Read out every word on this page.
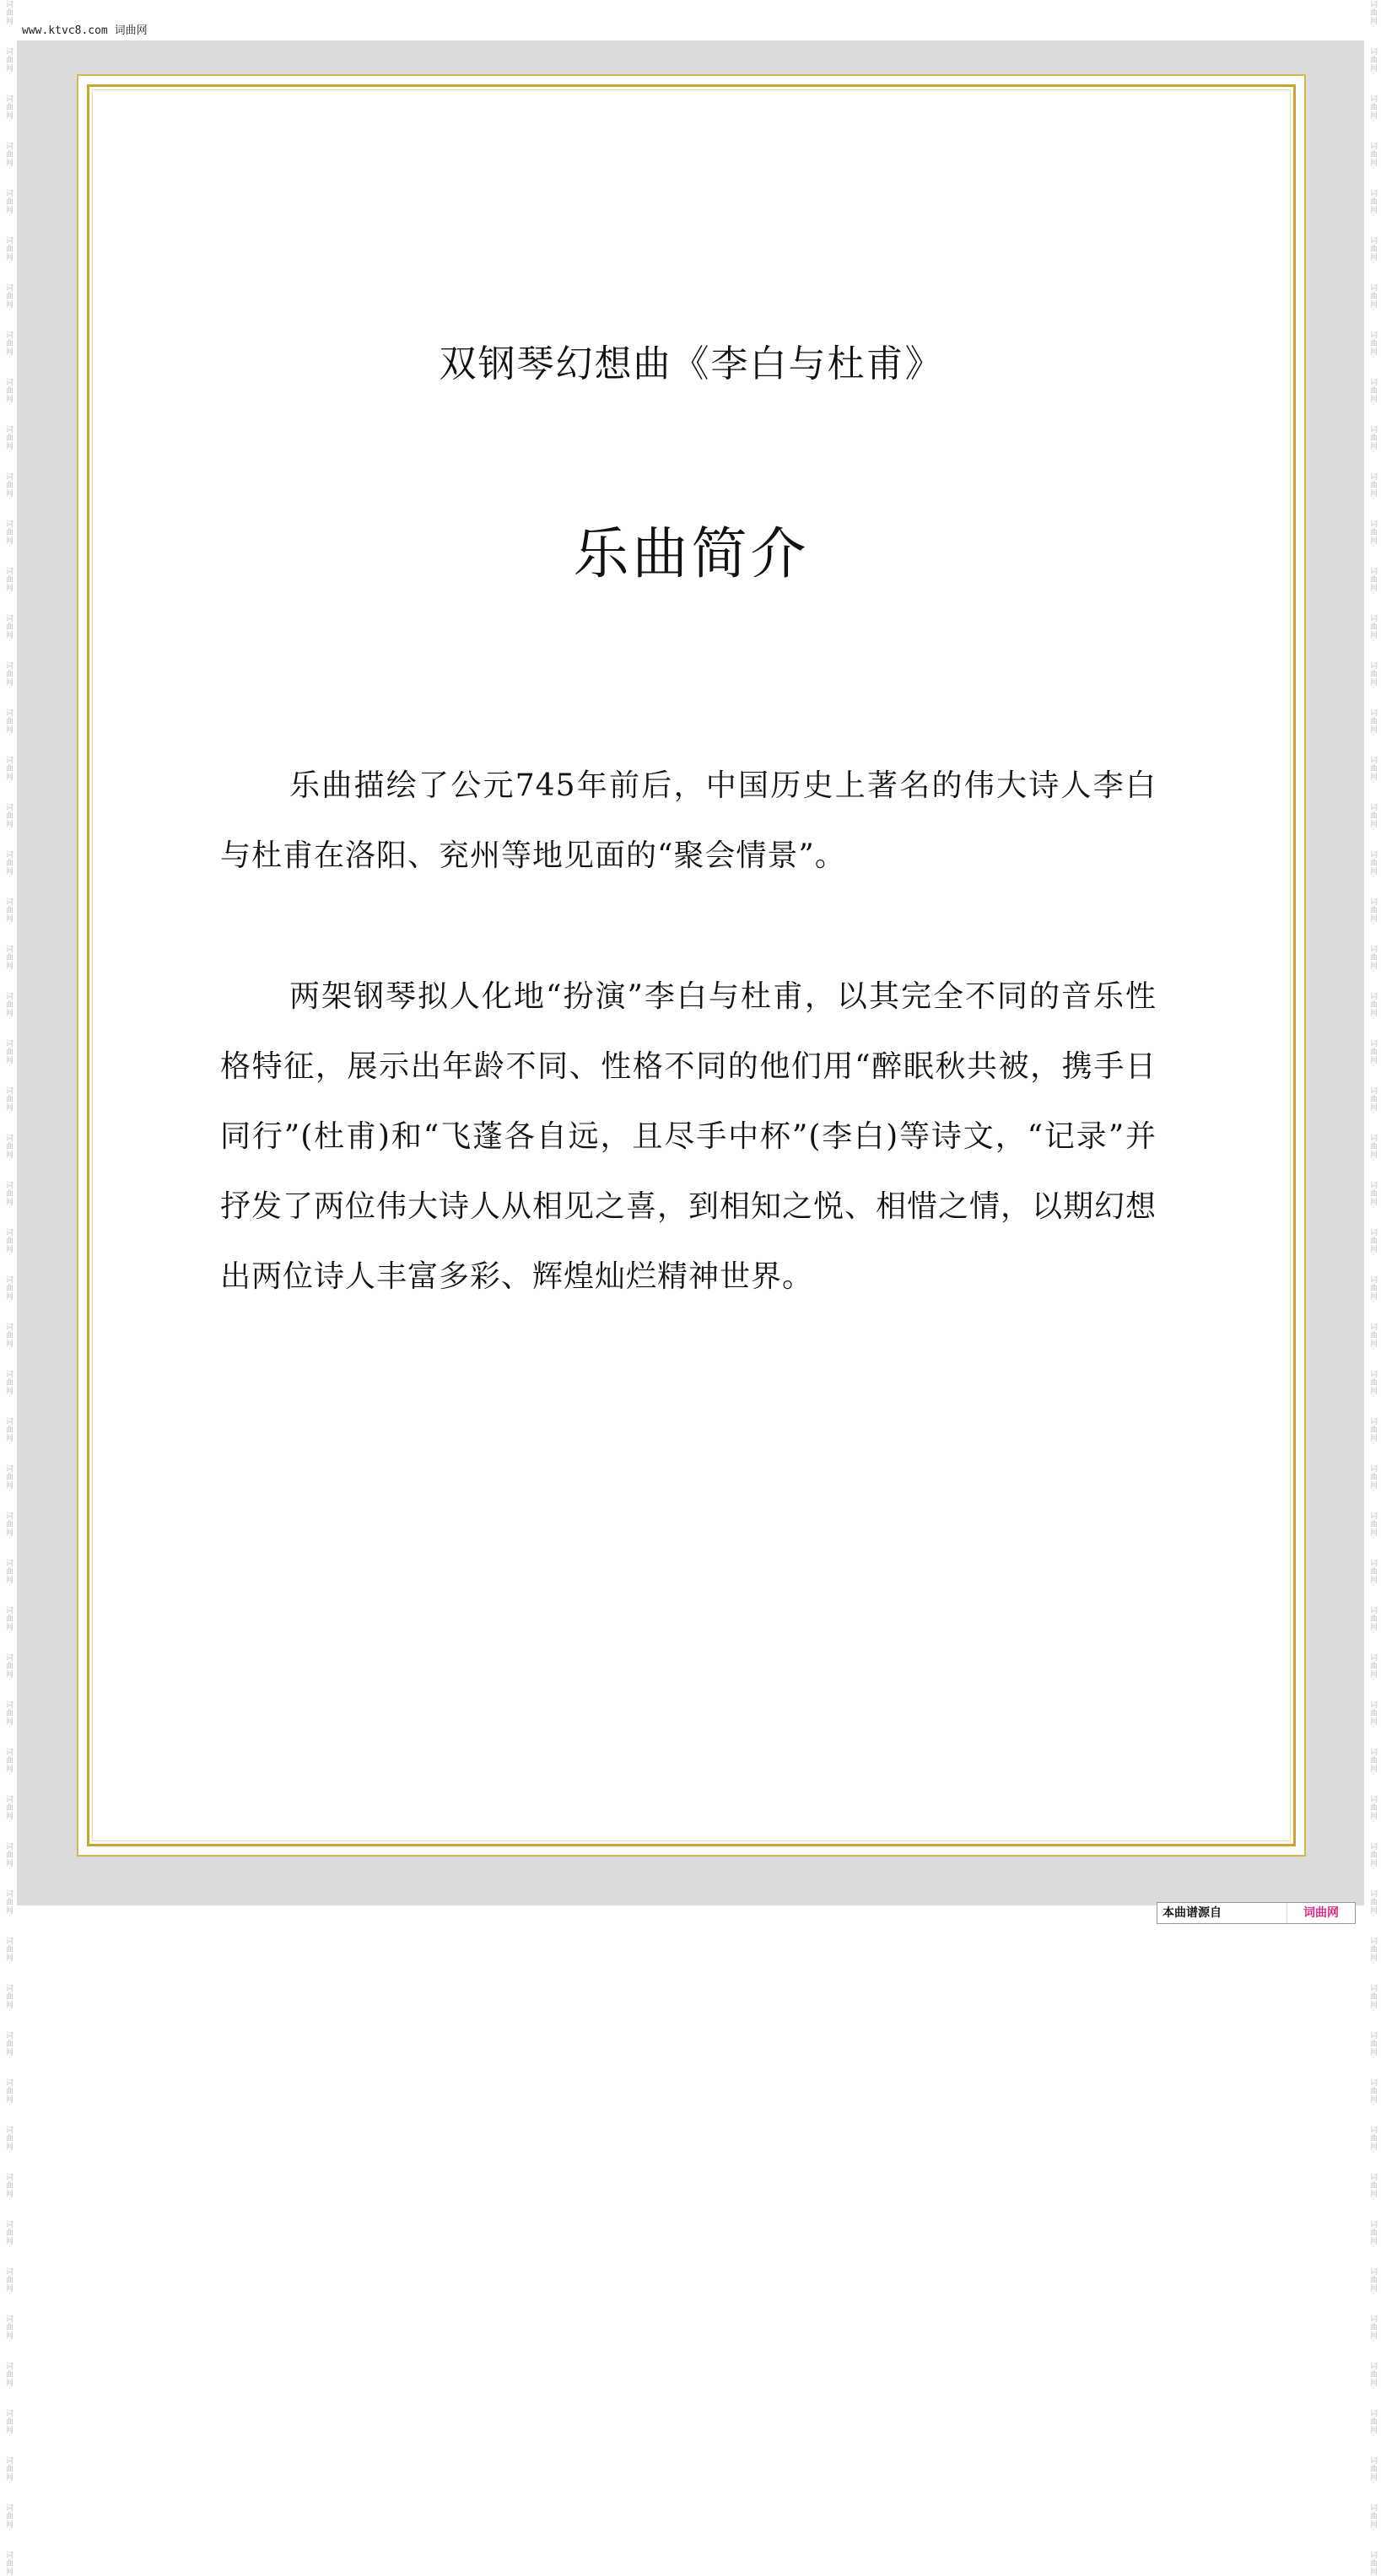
词曲网
词曲网
词曲网
词曲网
词曲网
词曲网
词曲网
词曲网
词曲网
词曲网
词曲网
词曲网
词曲网
词曲网
词曲网
词曲网
词曲网
词曲网
词曲网
词曲网
词曲网
词曲网
词曲网
词曲网
词曲网
词曲网
词曲网
词曲网
词曲网
词曲网
词曲网
词曲网
词曲网
词曲网
词曲网
词曲网
词曲网
词曲网
词曲网
词曲网
词曲网
词曲网
词曲网
词曲网
词曲网
词曲网
词曲网
词曲网
词曲网
词曲网
词曲网
词曲网
词曲网
词曲网
词曲网
词曲网
词曲网
词曲网
词曲网
词曲网
词曲网
词曲网
词曲网
词曲网
词曲网
词曲网
词曲网
词曲网
词曲网
词曲网
词曲网
词曲网
词曲网
词曲网
词曲网
词曲网
词曲网
词曲网
词曲网
词曲网
词曲网
词曲网
词曲网
词曲网
词曲网
词曲网
词曲网
词曲网
词曲网
词曲网
词曲网
词曲网
词曲网
词曲网
词曲网
词曲网
词曲网
词曲网
词曲网
词曲网
词曲网
词曲网
词曲网
词曲网
词曲网
词曲网
词曲网
词曲网
词曲网
词曲网
www.ktvc8.com 词曲网
双钢琴幻想曲《李白与杜甫》
乐曲简介

乐曲描绘了公元745年前后，中国历史上著名的伟大诗人李白与杜甫在洛阳、兖州等地见面的“聚会情景”。

两架钢琴拟人化地“扮演”李白与杜甫，以其完全不同的音乐性格特征，展示出年龄不同、性格不同的他们用“醉眠秋共被，携手日同行”(杜甫)和“飞蓬各自远，且尽手中杯”(李白)等诗文，“记录”并抒发了两位伟大诗人从相见之喜，到相知之悦、相惜之情，以期幻想出两位诗人丰富多彩、辉煌灿烂精神世界。

本曲谱源自	词曲网
